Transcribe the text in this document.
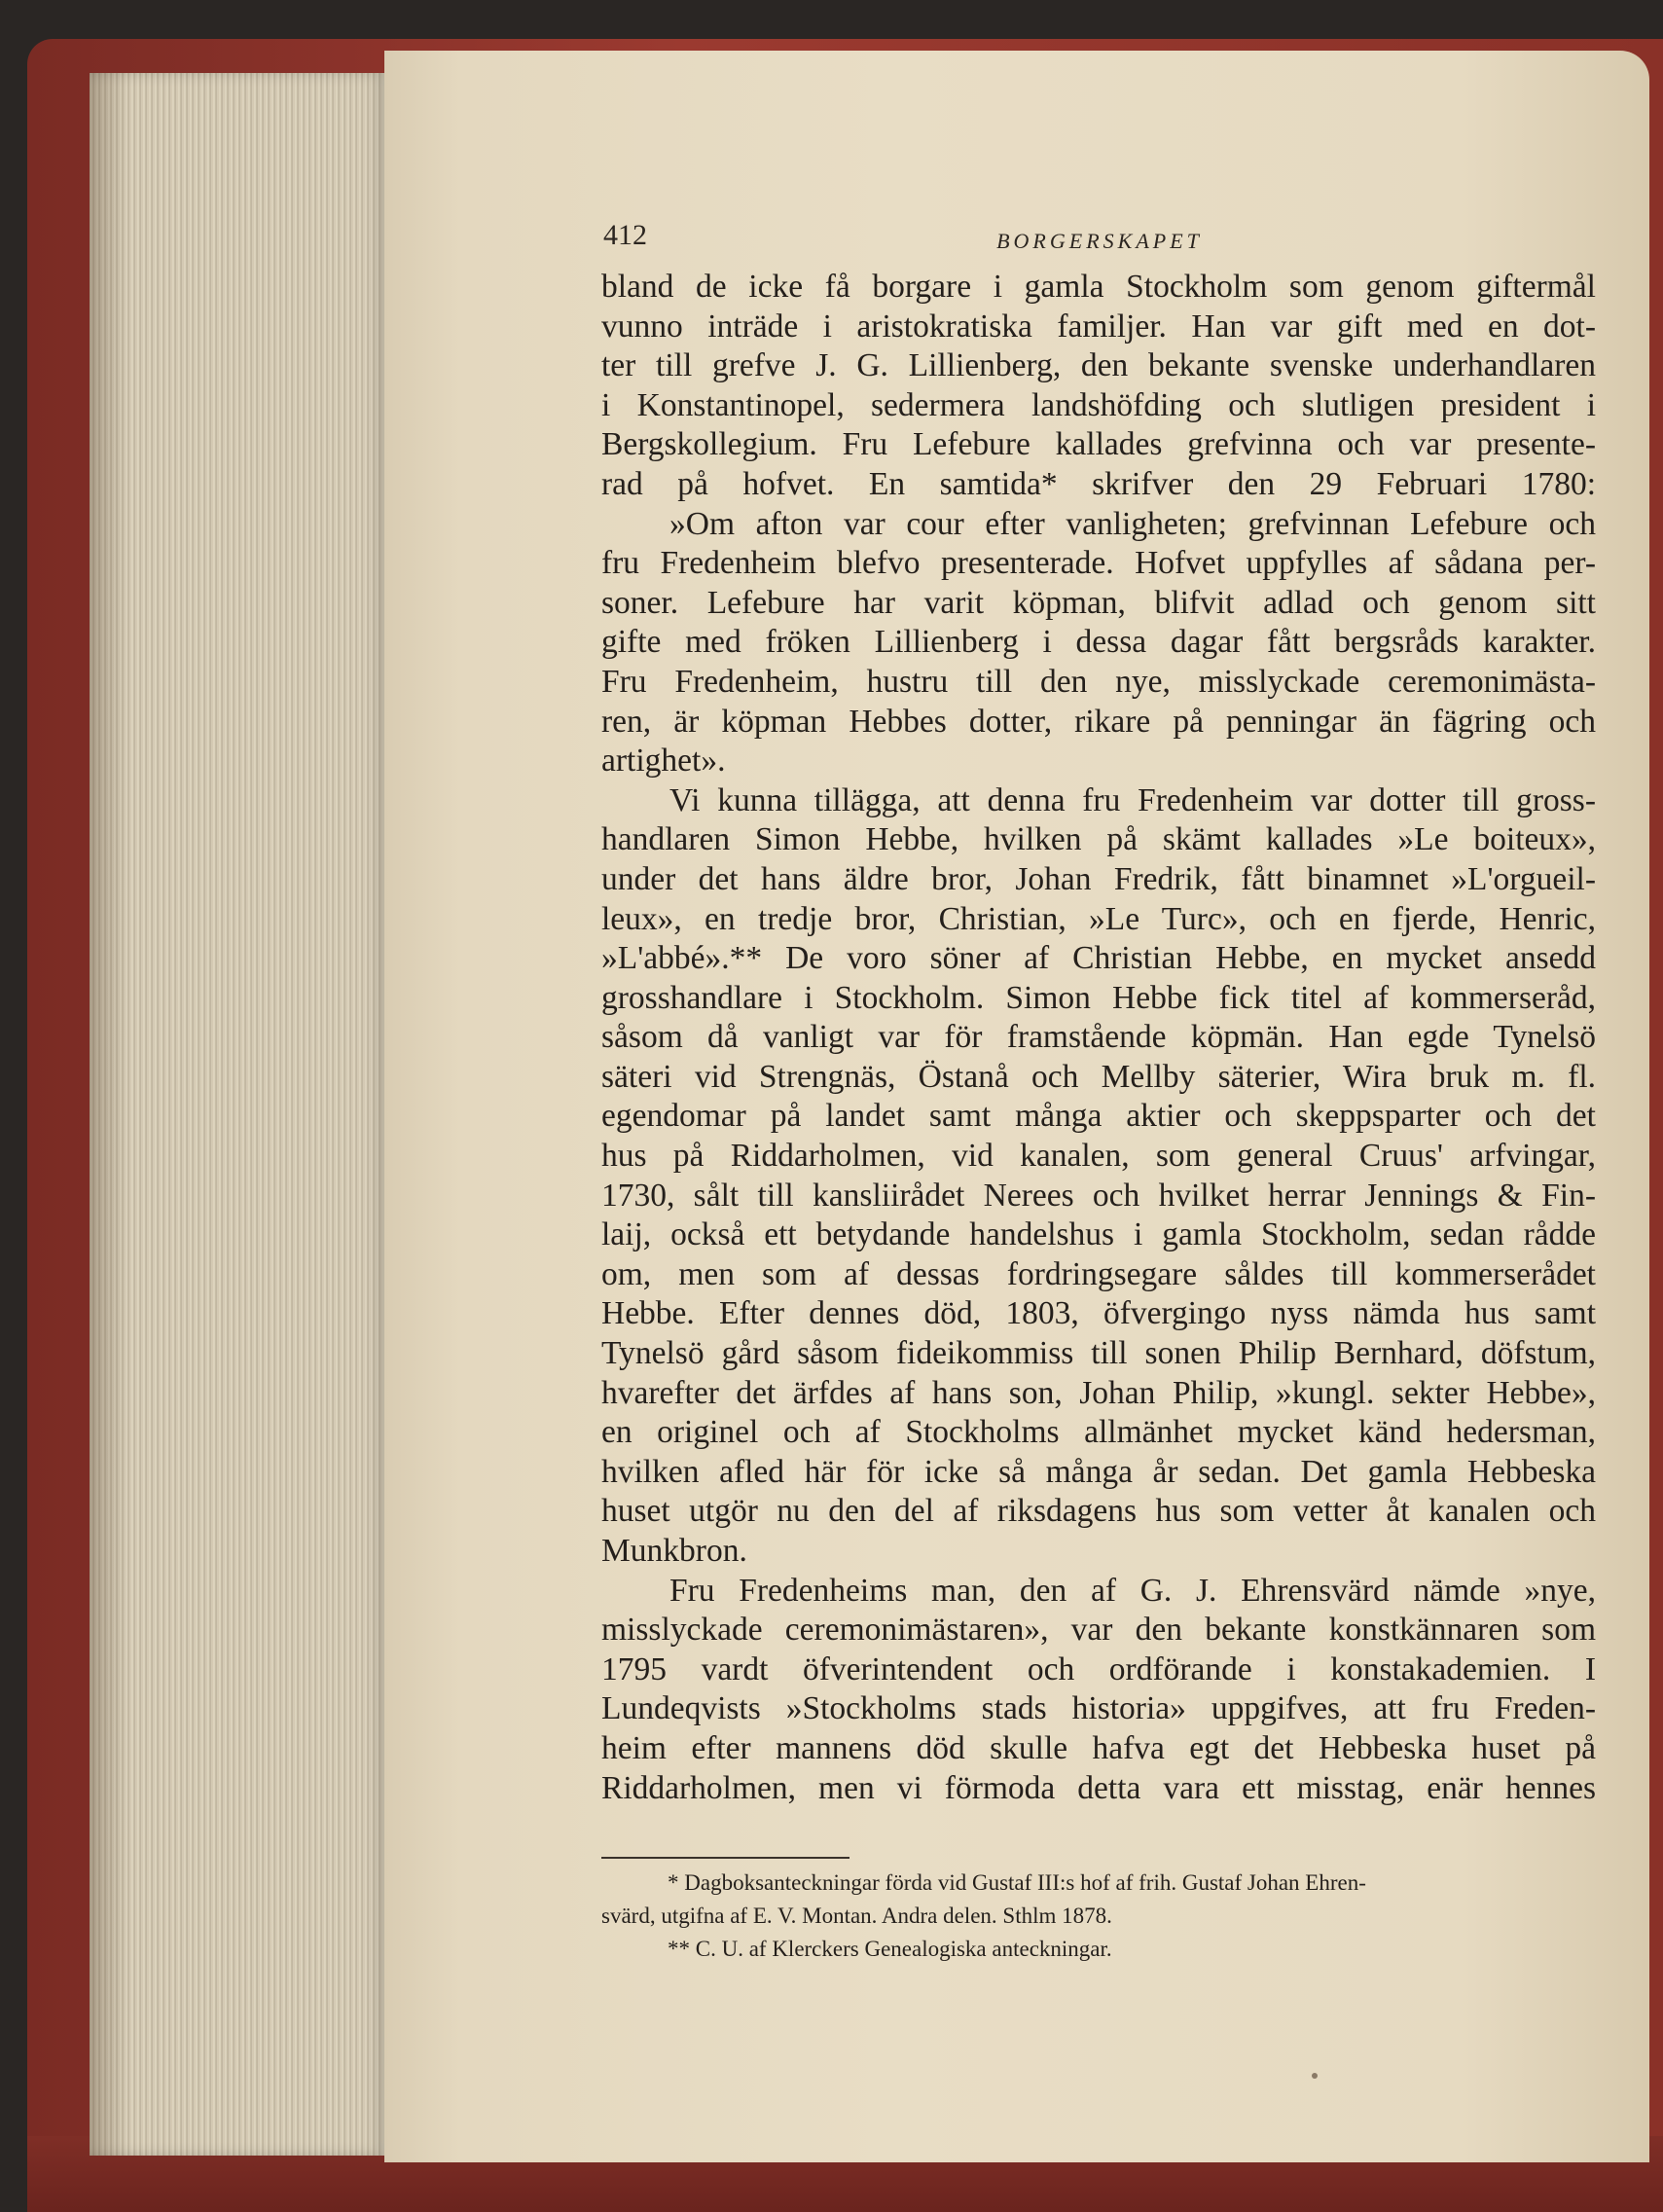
412	BORGERSKAPET
bland de icke få borgare i gamla Stockholm som genom giftermål
vunno inträde i aristokratiska familjer. Han var gift med en dot-
ter till grefve J. G. Lillienberg, den bekante svenske underhandlaren
i Konstantinopel, sedermera landshöfding och slutligen president i
Bergskollegium. Fru Lefebure kallades grefvinna och var presente-
rad på hofvet. En samtida* skrifver den 29 Februari 1780:
»Om afton var cour efter vanligheten; grefvinnan Lefebure och
fru Fredenheim blefvo presenterade. Hofvet uppfylles af sådana per-
soner. Lefebure har varit köpman, blifvit adlad och genom sitt
gifte med fröken Lillienberg i dessa dagar fått bergsråds karakter.
Fru Fredenheim, hustru till den nye, misslyckade ceremonimästa-
ren, är köpman Hebbes dotter, rikare på penningar än fägring och
artighet».
Vi kunna tillägga, att denna fru Fredenheim var dotter till gross-
handlaren Simon Hebbe, hvilken på skämt kallades »Le boiteux»,
under det hans äldre bror, Johan Fredrik, fått binamnet »L'orgueil-
leux», en tredje bror, Christian, »Le Turc», och en fjerde, Henric,
»L'abbé».** De voro söner af Christian Hebbe, en mycket ansedd
grosshandlare i Stockholm. Simon Hebbe fick titel af kommerseråd,
såsom då vanligt var för framstående köpmän. Han egde Tynelsö
säteri vid Strengnäs, Östanå och Mellby säterier, Wira bruk m. fl.
egendomar på landet samt många aktier och skeppsparter och det
hus på Riddarholmen, vid kanalen, som general Cruus' arfvingar,
1730, sålt till kansliirådet Nerees och hvilket herrar Jennings & Fin-
laij, också ett betydande handelshus i gamla Stockholm, sedan rådde
om, men som af dessas fordringsegare såldes till kommerserådet
Hebbe. Efter dennes död, 1803, öfvergingo nyss nämda hus samt
Tynelsö gård såsom fideikommiss till sonen Philip Bernhard, döfstum,
hvarefter det ärfdes af hans son, Johan Philip, »kungl. sekter Hebbe»,
en originel och af Stockholms allmänhet mycket känd hedersman,
hvilken afled här för icke så många år sedan. Det gamla Hebbeska
huset utgör nu den del af riksdagens hus som vetter åt kanalen och
Munkbron.
Fru Fredenheims man, den af G. J. Ehrensvärd nämde »nye,
misslyckade ceremonimästaren», var den bekante konstkännaren som
1795 vardt öfverintendent och ordförande i konstakademien. I
Lundeqvists »Stockholms stads historia» uppgifves, att fru Freden-
heim efter mannens död skulle hafva egt det Hebbeska huset på
Riddarholmen, men vi förmoda detta vara ett misstag, enär hennes
* Dagboksanteckningar förda vid Gustaf III:s hof af frih. Gustaf Johan Ehren-
svärd, utgifna af E. V. Montan. Andra delen. Sthlm 1878.
** C. U. af Klerckers Genealogiska anteckningar.
